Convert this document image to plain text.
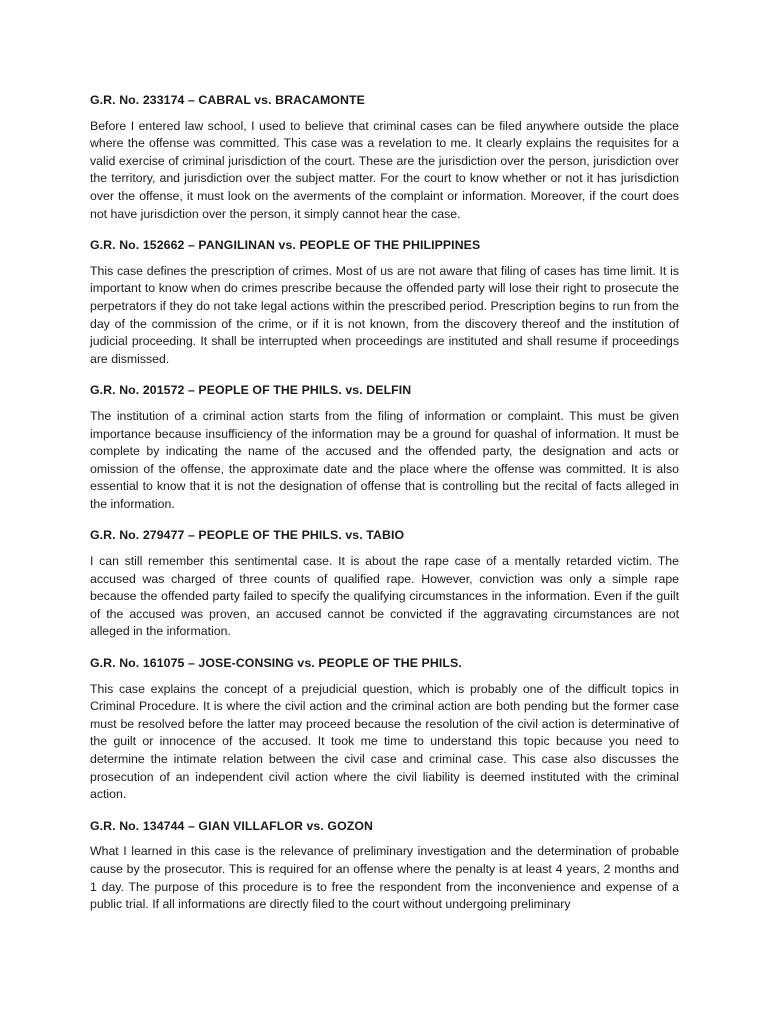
G.R. No. 233174 – CABRAL vs. BRACAMONTE

Before I entered law school, I used to believe that criminal cases can be filed anywhere outside the place where the offense was committed. This case was a revelation to me. It clearly explains the requisites for a valid exercise of criminal jurisdiction of the court. These are the jurisdiction over the person, jurisdiction over the territory, and jurisdiction over the subject matter. For the court to know whether or not it has jurisdiction over the offense, it must look on the averments of the complaint or information. Moreover, if the court does not have jurisdiction over the person, it simply cannot hear the case.

G.R. No. 152662 – PANGILINAN vs. PEOPLE OF THE PHILIPPINES

This case defines the prescription of crimes. Most of us are not aware that filing of cases has time limit. It is important to know when do crimes prescribe because the offended party will lose their right to prosecute the perpetrators if they do not take legal actions within the prescribed period. Prescription begins to run from the day of the commission of the crime, or if it is not known, from the discovery thereof and the institution of judicial proceeding. It shall be interrupted when proceedings are instituted and shall resume if proceedings are dismissed.

G.R. No. 201572 – PEOPLE OF THE PHILS. vs. DELFIN

The institution of a criminal action starts from the filing of information or complaint. This must be given importance because insufficiency of the information may be a ground for quashal of information. It must be complete by indicating the name of the accused and the offended party, the designation and acts or omission of the offense, the approximate date and the place where the offense was committed. It is also essential to know that it is not the designation of offense that is controlling but the recital of facts alleged in the information.

G.R. No. 279477 – PEOPLE OF THE PHILS. vs. TABIO

I can still remember this sentimental case. It is about the rape case of a mentally retarded victim. The accused was charged of three counts of qualified rape. However, conviction was only a simple rape because the offended party failed to specify the qualifying circumstances in the information. Even if the guilt of the accused was proven, an accused cannot be convicted if the aggravating circumstances are not alleged in the information.

G.R. No. 161075 – JOSE-CONSING vs. PEOPLE OF THE PHILS.

This case explains the concept of a prejudicial question, which is probably one of the difficult topics in Criminal Procedure. It is where the civil action and the criminal action are both pending but the former case must be resolved before the latter may proceed because the resolution of the civil action is determinative of the guilt or innocence of the accused. It took me time to understand this topic because you need to determine the intimate relation between the civil case and criminal case. This case also discusses the prosecution of an independent civil action where the civil liability is deemed instituted with the criminal action.

G.R. No. 134744 – GIAN VILLAFLOR vs. GOZON

What I learned in this case is the relevance of preliminary investigation and the determination of probable cause by the prosecutor. This is required for an offense where the penalty is at least 4 years, 2 months and 1 day. The purpose of this procedure is to free the respondent from the inconvenience and expense of a public trial. If all informations are directly filed to the court without undergoing preliminary
